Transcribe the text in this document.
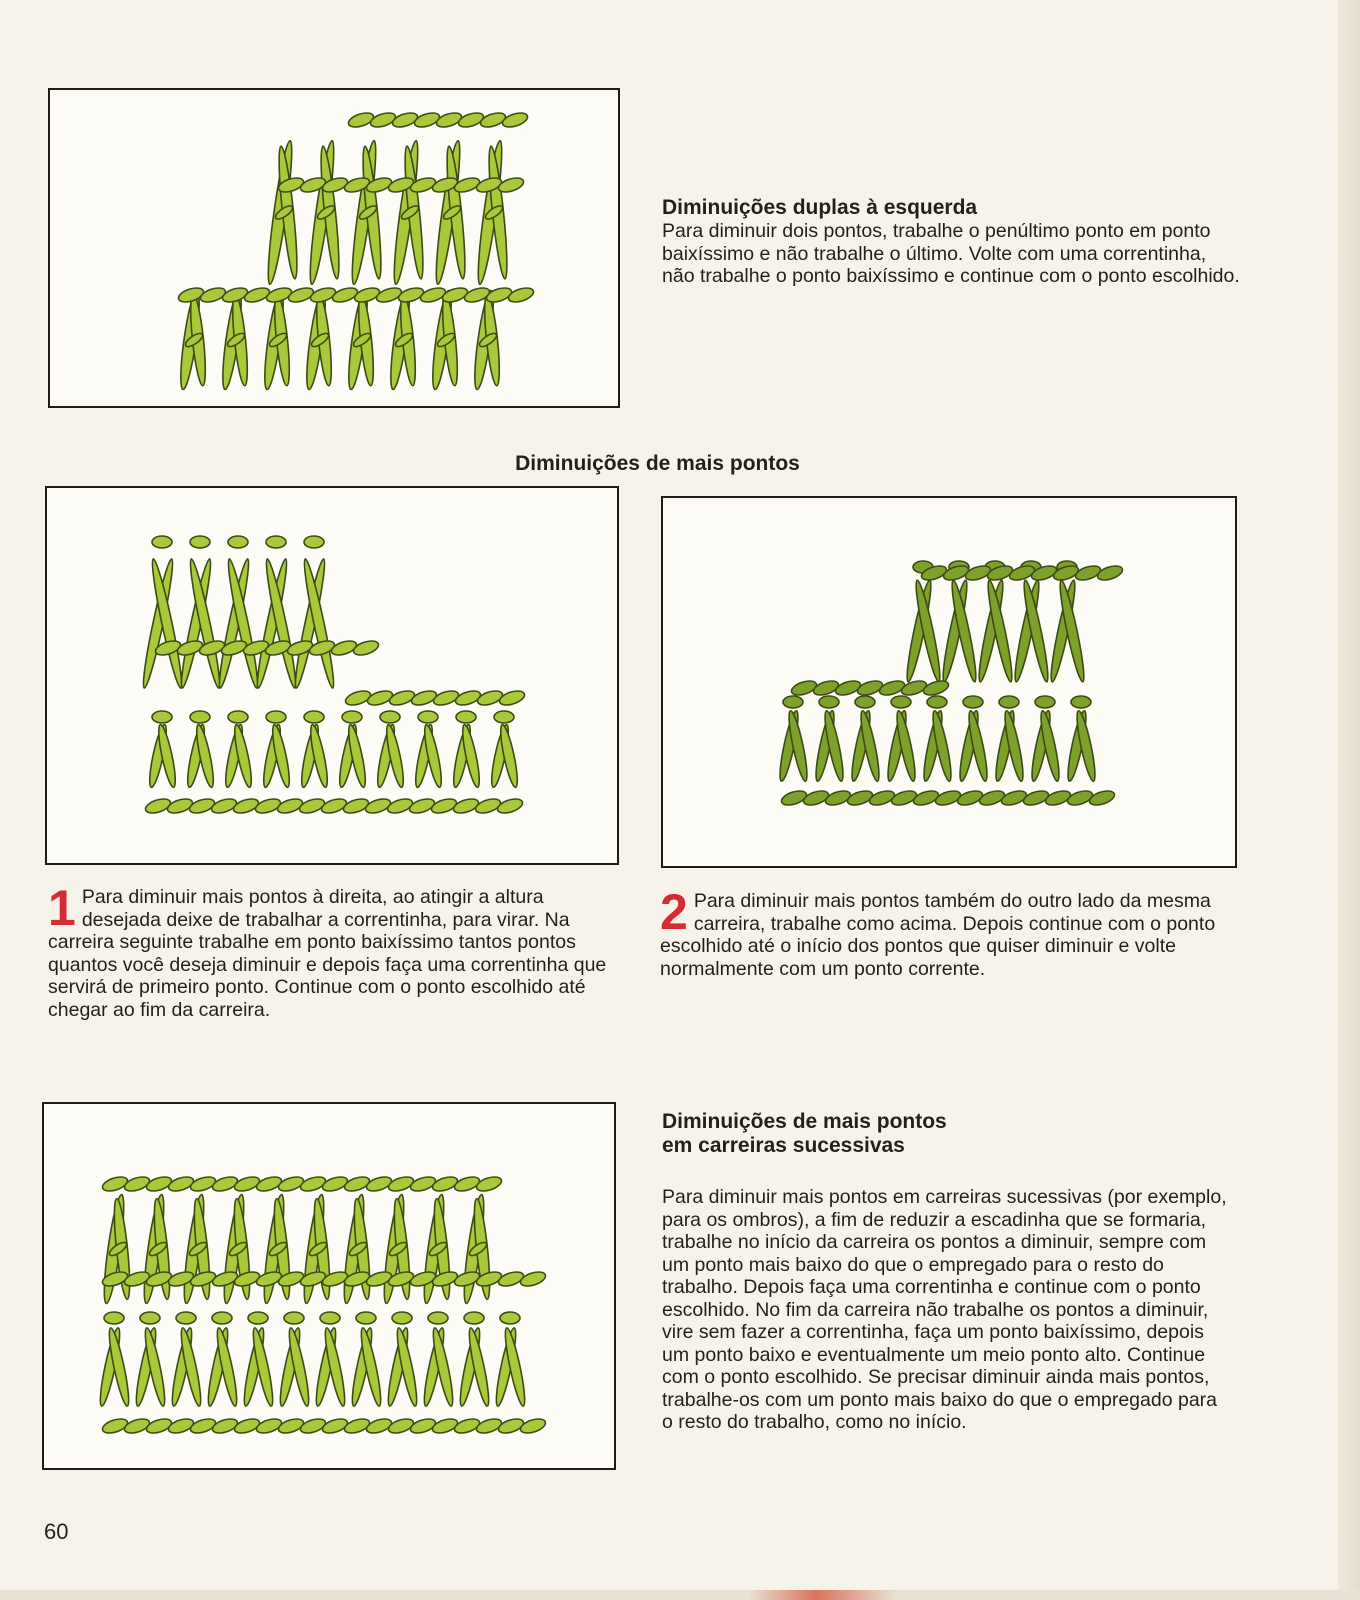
Diminuições duplas à esquerda

Para diminuir dois pontos, trabalhe o penúltimo ponto em ponto baixíssimo e não trabalhe o último. Volte com uma correntinha, não trabalhe o ponto baixíssimo e continue com o ponto escolhido.

Diminuições de mais pontos
1 Para diminuir mais pontos à direita, ao atingir a altura desejada deixe de trabalhar a correntinha, para virar. Na carreira seguinte trabalhe em ponto baixíssimo tantos pontos quantos você deseja diminuir e depois faça uma correntinha que servirá de primeiro ponto. Continue com o ponto escolhido até chegar ao fim da carreira.

2 Para diminuir mais pontos também do outro lado da mesma carreira, trabalhe como acima. Depois continue com o ponto escolhido até o início dos pontos que quiser diminuir e volte normalmente com um ponto corrente.

Diminuições de mais pontos

em carreiras sucessivas

Para diminuir mais pontos em carreiras sucessivas (por exemplo, para os ombros), a fim de reduzir a escadinha que se formaria, trabalhe no início da carreira os pontos a diminuir, sempre com um ponto mais baixo do que o empregado para o resto do trabalho. Depois faça uma correntinha e continue com o ponto escolhido. No fim da carreira não trabalhe os pontos a diminuir, vire sem fazer a correntinha, faça um ponto baixíssimo, depois um ponto baixo e eventualmente um meio ponto alto. Continue com o ponto escolhido. Se precisar diminuir ainda mais pontos, trabalhe-os com um ponto mais baixo do que o empregado para o resto do trabalho, como no início.

60
